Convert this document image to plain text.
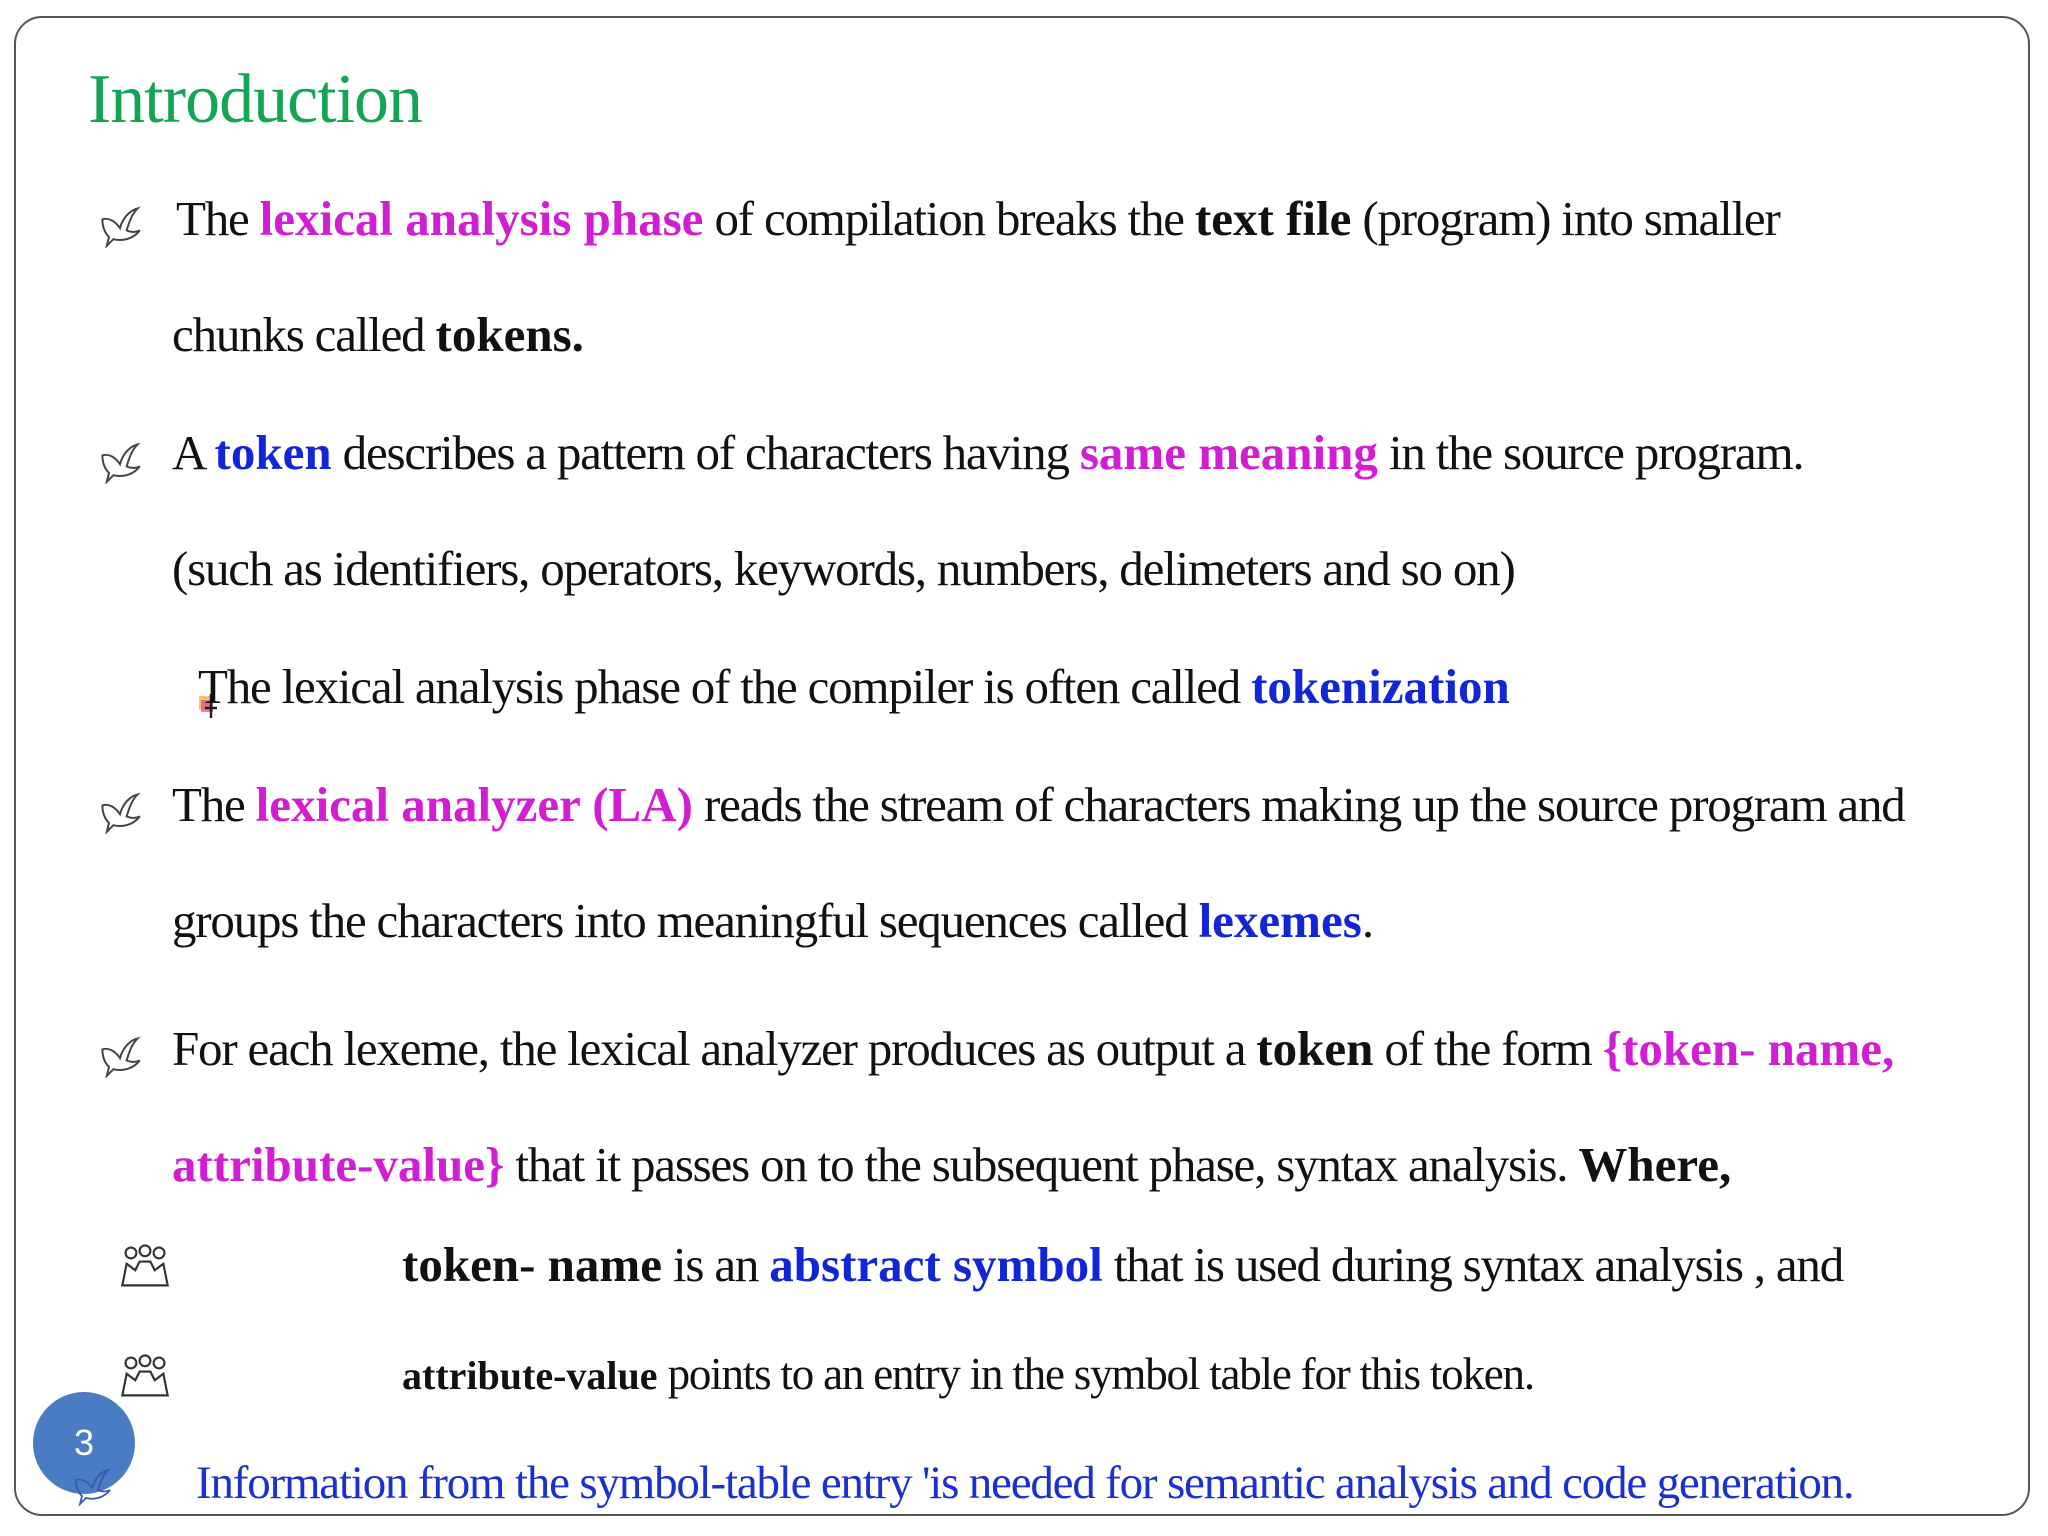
Introduction
The lexical analysis phase of compilation breaks the text file (program) into smaller
chunks called tokens.
A token describes a pattern of characters having same meaning in the source program.
(such as identifiers, operators, keywords, numbers, delimeters and so on)
The lexical analysis phase of the compiler is often called tokenization
The lexical analyzer (LA) reads the stream of characters making up the source program and
groups the characters into meaningful sequences called lexemes.
For each lexeme, the lexical analyzer produces as output a token of the form {token- name,
attribute-value} that it passes on to the subsequent phase, syntax analysis. Where,
token- name is an abstract symbol that is used during syntax analysis , and
attribute-value points to an entry in the symbol table for this token.
3
Information from the symbol-table entry 'is needed for semantic analysis and code generation.
